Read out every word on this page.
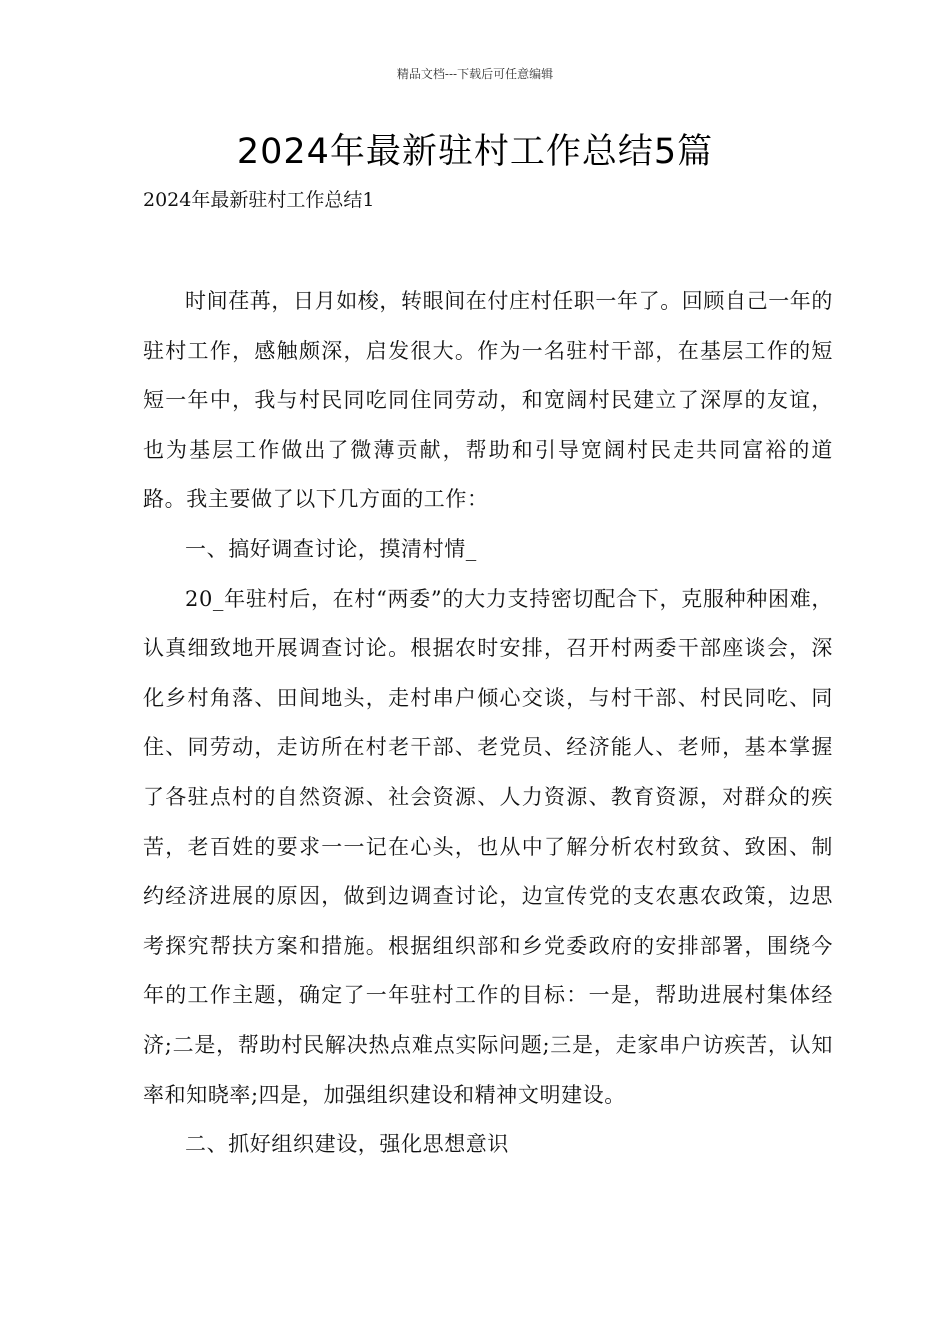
精品文档---下载后可任意编辑
2024年最新驻村工作总结5篇
2024年最新驻村工作总结1

时间荏苒，日月如梭，转眼间在付庄村任职一年了。回顾自己一年的驻村工作，感触颇深，启发很大。作为一名驻村干部，在基层工作的短短一年中，我与村民同吃同住同劳动，和宽阔村民建立了深厚的友谊，也为基层工作做出了微薄贡献，帮助和引导宽阔村民走共同富裕的道路。我主要做了以下几方面的工作：

一、搞好调查讨论，摸清村情_

20_年驻村后，在村“两委”的大力支持密切配合下，克服种种困难，认真细致地开展调查讨论。根据农时安排，召开村两委干部座谈会，深化乡村角落、田间地头，走村串户倾心交谈，与村干部、村民同吃、同住、同劳动，走访所在村老干部、老党员、经济能人、老师，基本掌握了各驻点村的自然资源、社会资源、人力资源、教育资源，对群众的疾苦，老百姓的要求一一记在心头，也从中了解分析农村致贫、致困、制约经济进展的原因，做到边调查讨论，边宣传党的支农惠农政策，边思考探究帮扶方案和措施。根据组织部和乡党委政府的安排部署，围绕今年的工作主题，确定了一年驻村工作的目标：一是，帮助进展村集体经济;二是，帮助村民解决热点难点实际问题;三是，走家串户访疾苦，认知率和知晓率;四是，加强组织建设和精神文明建设。

二、抓好组织建设，强化思想意识
